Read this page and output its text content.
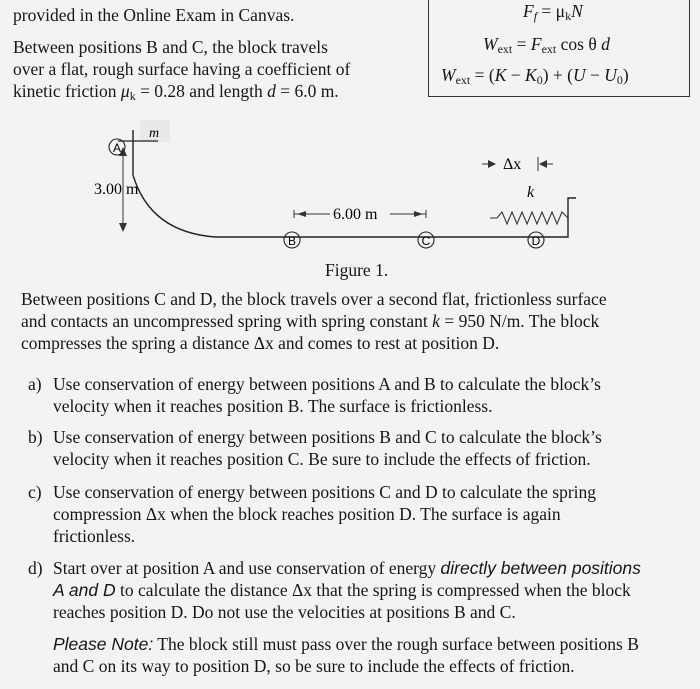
provided in the Online Exam in Canvas.
Between positions B and C, the block travels
over a flat, rough surface having a coefficient of
kinetic friction $\mu_k = 0.28$ and length d = 6.0 m.
$F_f = \mu_kN$
$W_{ext} = F_{ext}$ cos θ d
$W_{ext} = (K - K_0) + (U - U_0)$
A
B	C	D
m
3.00 m
6.00 m
Δx
k
Figure 1.
Between positions C and D, the block travels over a second flat, frictionless surface
and contacts an uncompressed spring with spring constant k = 950 N/m. The block
compresses the spring a distance Δx and comes to rest at position D.
a) Use conservation of energy between positions A and B to calculate the block’s
velocity when it reaches position B. The surface is frictionless.
b) Use conservation of energy between positions B and C to calculate the block’s
velocity when it reaches position C. Be sure to include the effects of friction.
c) Use conservation of energy between positions C and D to calculate the spring
compression Δx when the block reaches position D. The surface is again
frictionless.
d) Start over at position A and use conservation of energy directly between positions
A and D to calculate the distance Δx that the spring is compressed when the block
reaches position D. Do not use the velocities at positions B and C.
Please Note: The block still must pass over the rough surface between positions B
and C on its way to position D, so be sure to include the effects of friction.
